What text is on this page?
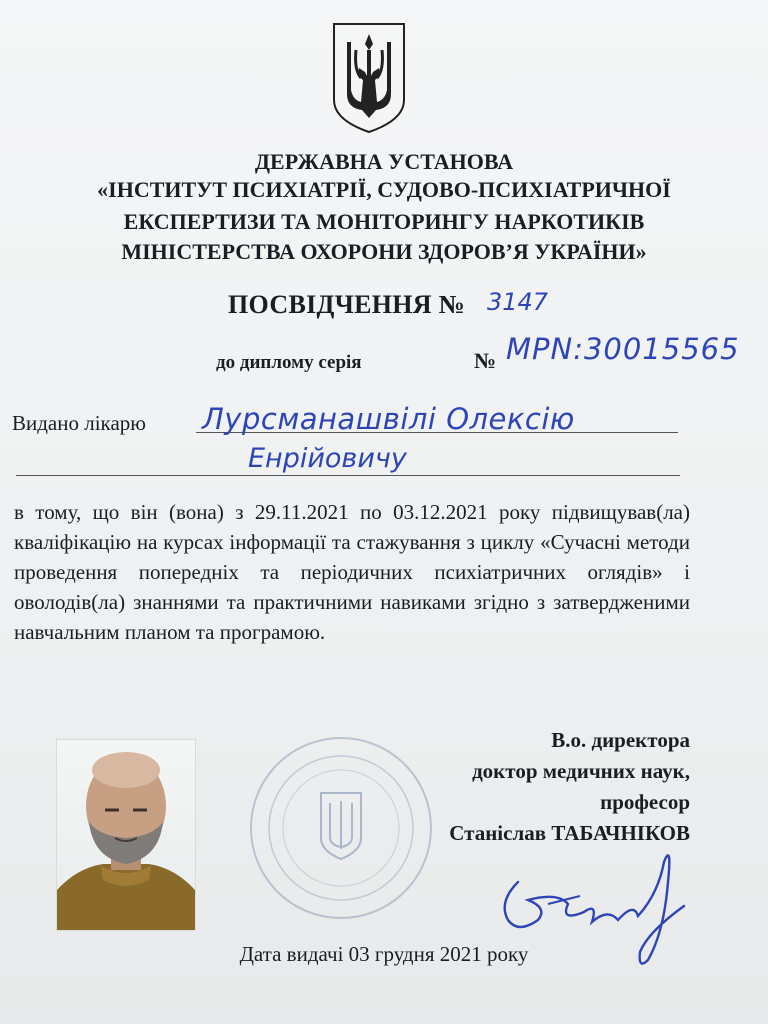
ДЕРЖАВНА УСТАНОВА
«ІНСТИТУТ ПСИХІАТРІЇ, СУДОВО-ПСИХІАТРИЧНОЇ
ЕКСПЕРТИЗИ ТА МОНІТОРИНГУ НАРКОТИКІВ
МІНІСТЕРСТВА ОХОРОНИ ЗДОРОВ’Я УКРАЇНИ»
ПОСВІДЧЕННЯ № 3147
до диплому серія	№ МРN:30015565
Видано лікарю Лурсманашвілі Олексію
Енрійовичу
в тому, що він (вона) з 29.11.2021 по 03.12.2021 року підвищував(ла) кваліфікацію на курсах інформації та стажування з циклу «Сучасні методи проведення попередніх та періодичних психіатричних оглядів» і оволодів(ла) знаннями та практичними навиками згідно з затвердженими навчальним планом та програмою.
В.о. директора
доктор медичних наук,
професор
Станіслав ТАБАЧНІКОВ
Дата видачі 03 грудня 2021 року
